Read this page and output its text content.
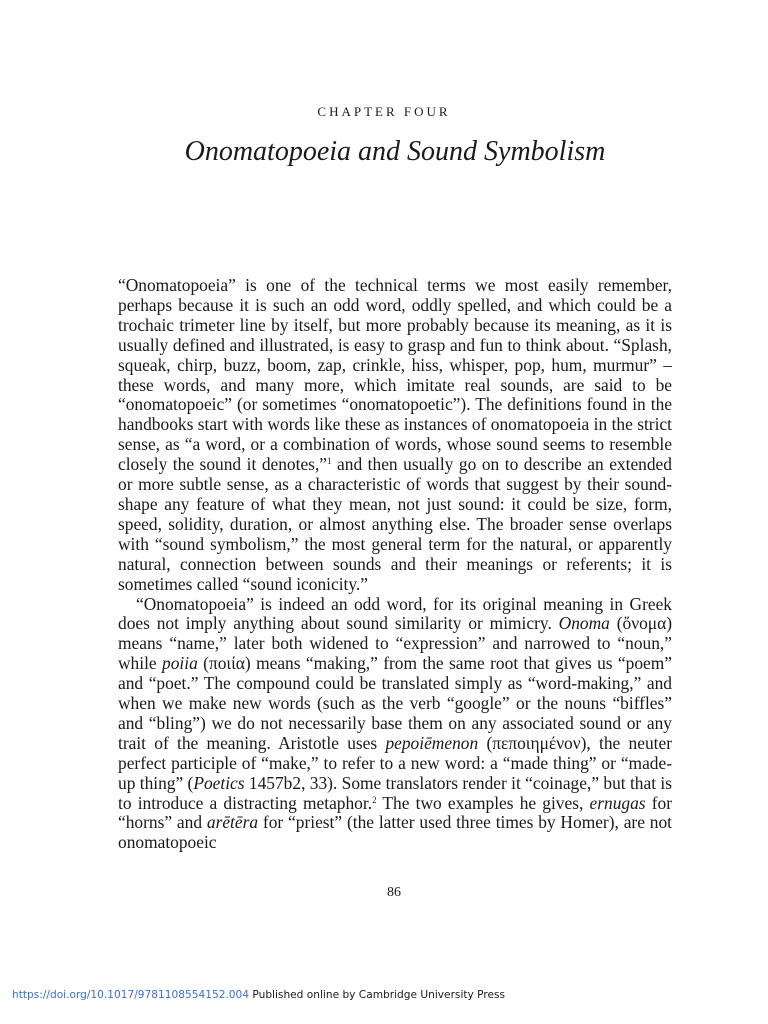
CHAPTER FOUR
Onomatopoeia and Sound Symbolism

“Onomatopoeia” is one of the technical terms we most easily remember, perhaps because it is such an odd word, oddly spelled, and which could be a trochaic trimeter line by itself, but more probably because its meaning, as it is usually defined and illustrated, is easy to grasp and fun to think about. “Splash, squeak, chirp, buzz, boom, zap, crinkle, hiss, whisper, pop, hum, murmur” – these words, and many more, which imitate real sounds, are said to be “onomatopoeic” (or sometimes “onomatopoetic”). The definitions found in the handbooks start with words like these as instances of onomatopoeia in the strict sense, as “a word, or a combination of words, whose sound seems to resemble closely the sound it denotes,”$^1$ and then usually go on to describe an extended or more subtle sense, as a characteristic of words that suggest by their sound-shape any feature of what they mean, not just sound: it could be size, form, speed, solidity, duration, or almost anything else. The broader sense overlaps with “sound symbolism,” the most general term for the natural, or apparently natural, connection between sounds and their meanings or referents; it is sometimes called “sound iconicity.”

“Onomatopoeia” is indeed an odd word, for its original meaning in Greek does not imply anything about sound similarity or mimicry. Onoma (ὄνομα) means “name,” later both widened to “expression” and narrowed to “noun,” while poiia (ποιία) means “making,” from the same root that gives us “poem” and “poet.” The compound could be translated simply as “word-making,” and when we make new words (such as the verb “google” or the nouns “biffles” and “bling”) we do not necessarily base them on any associated sound or any trait of the meaning. Aristotle uses pepoiēmenon (πεποιημένον), the neuter perfect participle of “make,” to refer to a new word: a “made thing” or “made-up thing” (Poetics 1457b2, 33). Some translators render it “coinage,” but that is to introduce a distracting metaphor.$^2$ The two examples he gives, ernugas for “horns” and arētēra for “priest” (the latter used three times by Homer), are not onomatopoeic

86
https://doi.org/10.1017/9781108554152.004 Published online by Cambridge University Press
